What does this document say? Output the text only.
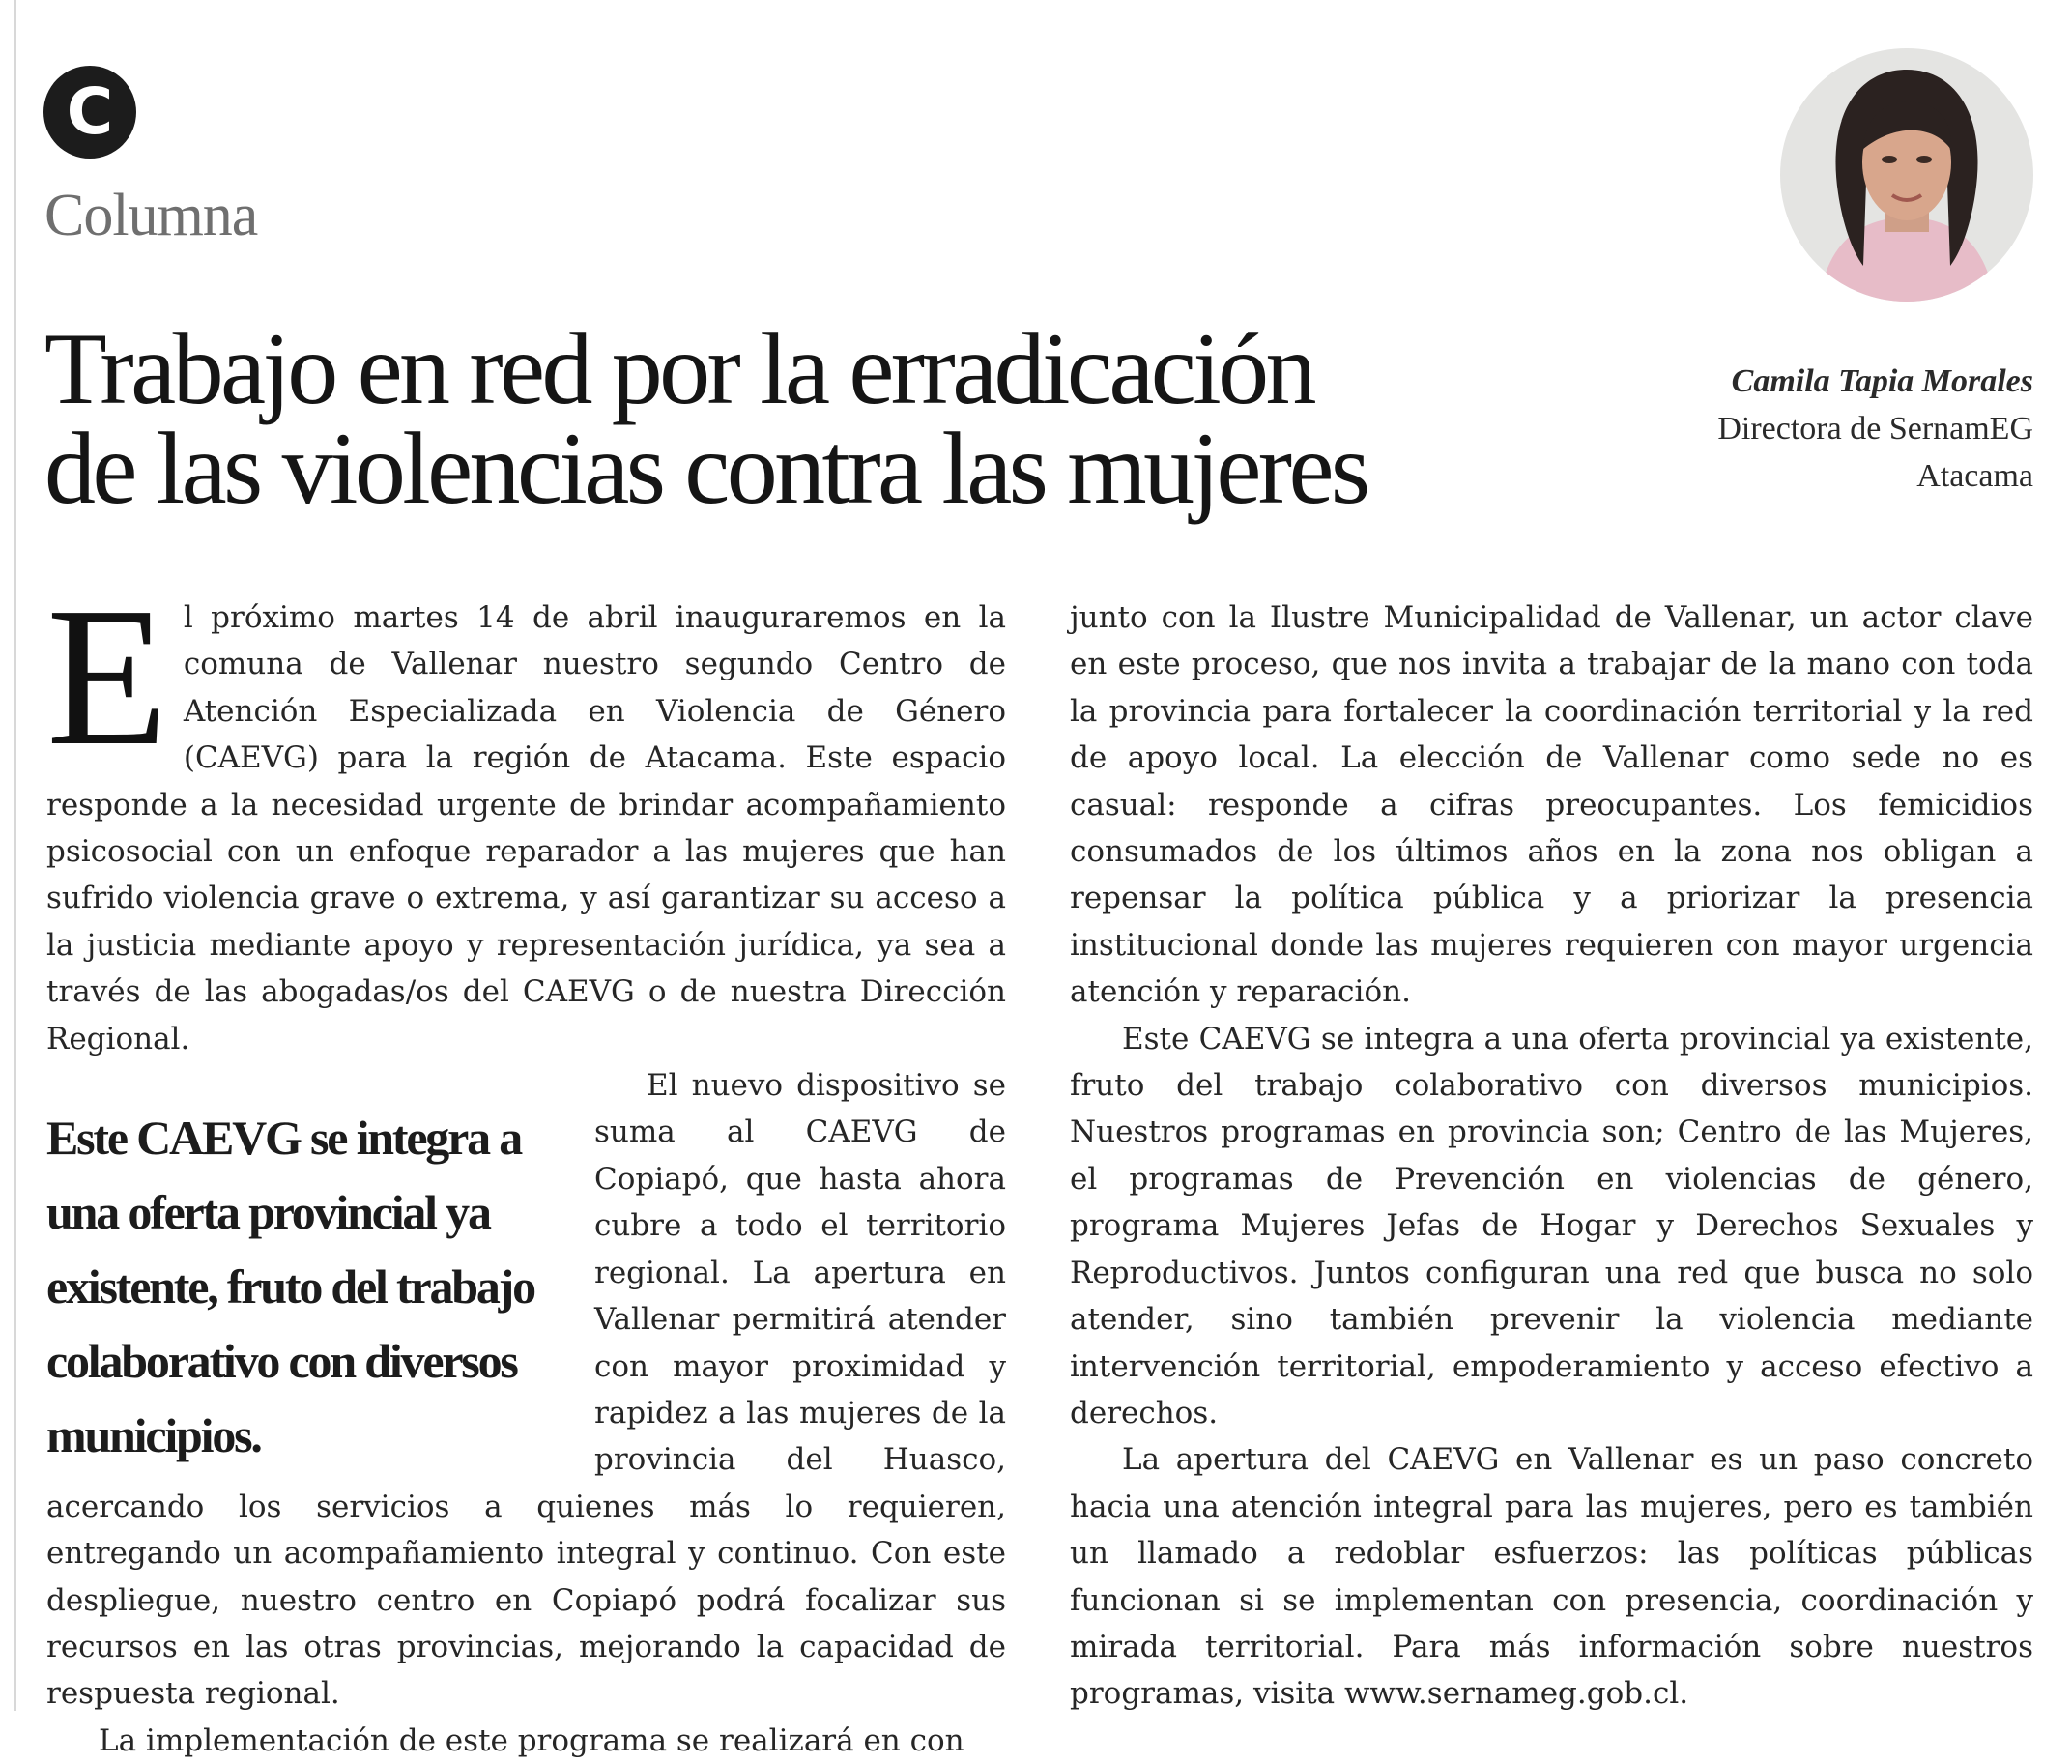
C
Columna
Trabajo en red por la erradicación
de las violencias contra las mujeres
Camila Tapia Morales
Directora de SernamEG
Atacama

El próximo martes 14 de abril inauguraremos en la comuna de Vallenar nuestro segundo Centro de Atención Especializada en Violencia de Género (CAEVG) para la región de Atacama. Este espacio responde a la necesidad urgente de brindar acompañamiento psicosocial con un enfoque reparador a las mujeres que han sufrido violencia grave o extrema, y así garantizar su acceso a la justicia mediante apoyo y representación jurídica, ya sea a través de las abogadas/os del CAEVG o de nuestra Dirección Regional.

Este CAEVG se integra a una oferta provincial ya existente, fruto del trabajo colaborativo con diversos municipios.

El nuevo dispositivo se suma al CAEVG de Copiapó, que hasta ahora cubre a todo el territorio regional. La apertura en Vallenar permitirá atender con mayor proximidad y rapidez a las mujeres de la provincia del Huasco, acercando los servicios a quienes más lo requieren, entregando un acompañamiento integral y continuo. Con este despliegue, nuestro centro en Copiapó podrá focalizar sus recursos en las otras provincias, mejorando la capacidad de respuesta regional.

La implementación de este programa se realizará en con

junto con la Ilustre Municipalidad de Vallenar, un actor clave en este proceso, que nos invita a trabajar de la mano con toda la provincia para fortalecer la coordinación territorial y la red de apoyo local. La elección de Vallenar como sede no es casual: responde a cifras preocupantes. Los femicidios consumados de los últimos años en la zona nos obligan a repensar la política pública y a priorizar la presencia institucional donde las mujeres requieren con mayor urgencia atención y reparación.

Este CAEVG se integra a una oferta provincial ya existente, fruto del trabajo colaborativo con diversos municipios. Nuestros programas en provincia son; Centro de las Mujeres, el programas de Prevención en violencias de género, programa Mujeres Jefas de Hogar y Derechos Sexuales y Reproductivos. Juntos configuran una red que busca no solo atender, sino también prevenir la violencia mediante intervención territorial, empoderamiento y acceso efectivo a derechos.

La apertura del CAEVG en Vallenar es un paso concreto hacia una atención integral para las mujeres, pero es también un llamado a redoblar esfuerzos: las políticas públicas funcionan si se implementan con presencia, coordinación y mirada territorial. Para más información sobre nuestros programas, visita www.sernameg.gob.cl.
